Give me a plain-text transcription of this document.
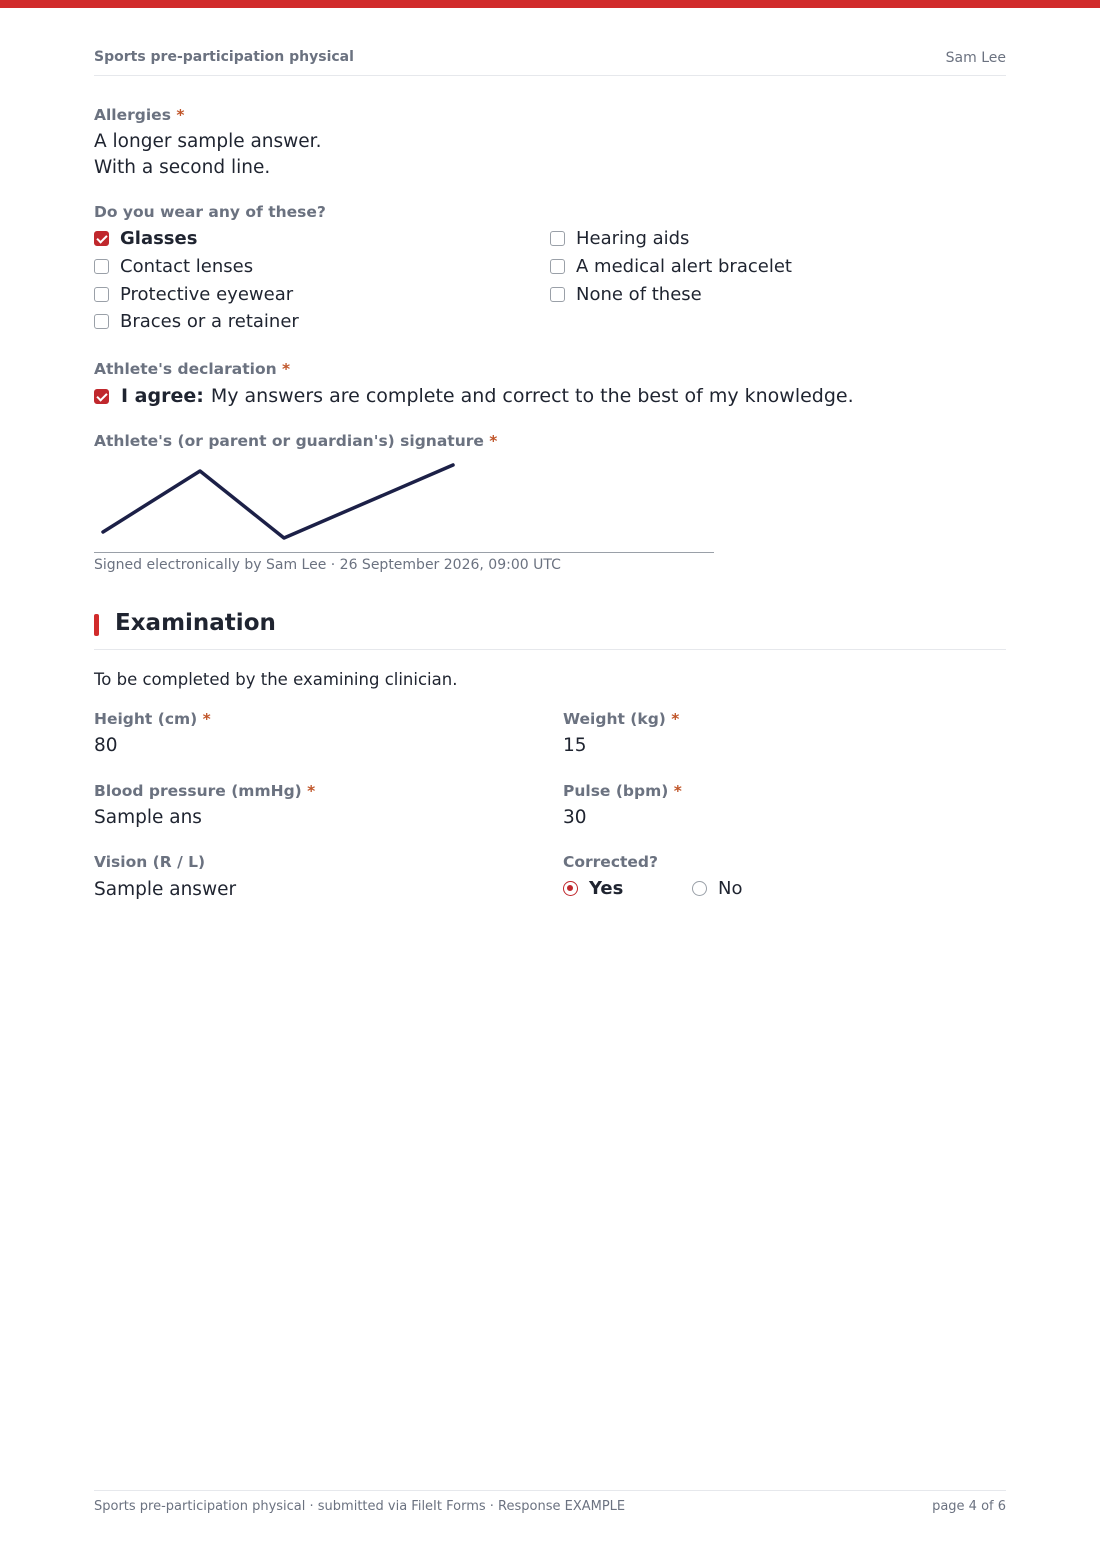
Sports pre-participation physical	Sam Lee
Allergies *
A longer sample answer.
With a second line.
Do you wear any of these?
Glasses
Contact lenses
Protective eyewear
Braces or a retainer
Hearing aids
A medical alert bracelet
None of these
Athlete's declaration *
I agree: My answers are complete and correct to the best of my knowledge.
Athlete's (or parent or guardian's) signature *
Signed electronically by Sam Lee · 26 September 2026, 09:00 UTC
Examination
To be completed by the examining clinician.
Height (cm) *
80
Weight (kg) *
15
Blood pressure (mmHg) *
Sample ans
Pulse (bpm) *
30
Vision (R / L)
Sample answer
Corrected?
Yes	No
Sports pre-participation physical · submitted via FileIt Forms · Response EXAMPLE	page 4 of 6
